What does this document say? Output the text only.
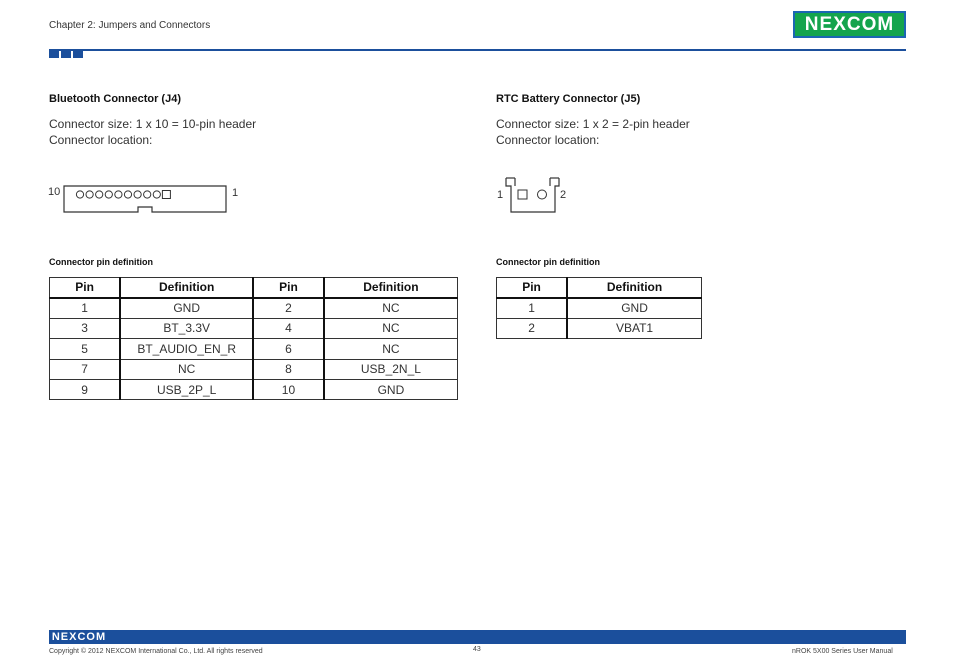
Chapter 2: Jumpers and Connectors	NEXCOM
Bluetooth Connector (J4)
Connector size: 1 x 10 = 10-pin header
Connector location:
10	1
Connector pin definition
Pin	Definition	Pin	Definition
1	GND	2	NC
3	BT_3.3V	4	NC
5	BT_AUDIO_EN_R	6	NC
7	NC	8	USB_2N_L
9	USB_2P_L	10	GND
RTC Battery Connector (J5)
Connector size: 1 x 2 = 2-pin header
Connector location:
1	2
Connector pin definition
Pin	Definition
1	GND
2	VBAT1
NEXCOM
Copyright © 2012 NEXCOM International Co., Ltd. All rights reserved	43	nROK 5X00 Series User Manual
